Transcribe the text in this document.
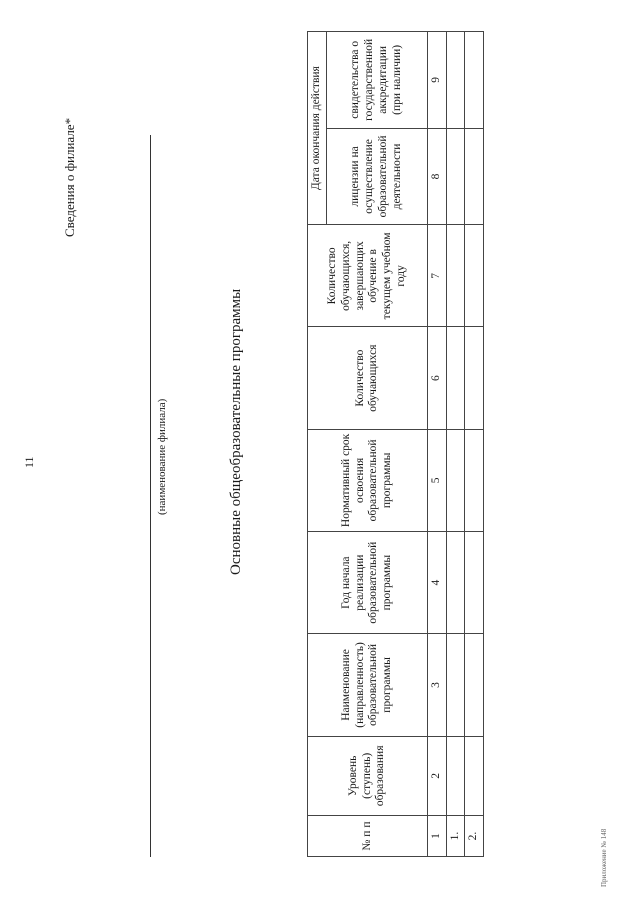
11
Сведения о филиале*
(наименование филиала)	Основные общеобразовательные программы
№ п п	Уровень (ступень) образования	Наименование (направленность) образовательной программы	Год начала реализации образовательной программы	Нормативный срок освоения образовательной программы	Количество обучающихся	Количество обучающихся, завершающих обучение в текущем учебном году	Дата окончания действия	
							лицензии на осуществление образовательной деятельности	свидетельства о государственной аккредитации (при наличии)
1	2	3	4	5	6	7	8	9
1.								
2.									Приложение № 148
